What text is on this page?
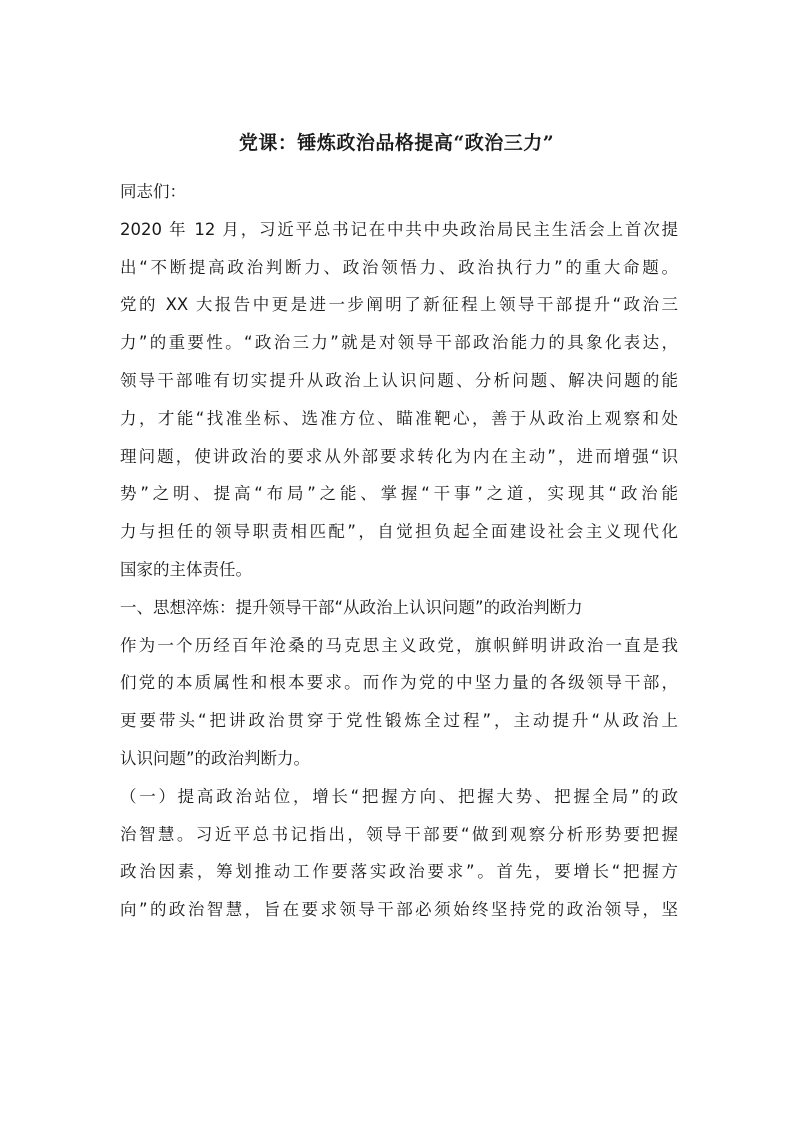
党课：锤炼政治品格提高“政治三力”

同志们：

2020 年 12 月，习近平总书记在中共中央政治局民主生活会上首次提
出“不断提高政治判断力、政治领悟力、政治执行力”的重大命题。
党的 XX 大报告中更是进一步阐明了新征程上领导干部提升“政治三
力”的重要性。“政治三力”就是对领导干部政治能力的具象化表达，
领导干部唯有切实提升从政治上认识问题、分析问题、解决问题的能
力，才能“找准坐标、选准方位、瞄准靶心，善于从政治上观察和处
理问题，使讲政治的要求从外部要求转化为内在主动”，进而增强“识
势”之明、提高“布局”之能、掌握“干事”之道，实现其“政治能
力与担任的领导职责相匹配”，自觉担负起全面建设社会主义现代化
国家的主体责任。

一、思想淬炼：提升领导干部“从政治上认识问题”的政治判断力

作为一个历经百年沧桑的马克思主义政党，旗帜鲜明讲政治一直是我
们党的本质属性和根本要求。而作为党的中坚力量的各级领导干部，
更要带头“把讲政治贯穿于党性锻炼全过程”，主动提升“从政治上
认识问题”的政治判断力。
（一）提高政治站位，增长“把握方向、把握大势、把握全局”的政
治智慧。习近平总书记指出，领导干部要“做到观察分析形势要把握
政治因素，筹划推动工作要落实政治要求”。首先，要增长“把握方
向”的政治智慧，旨在要求领导干部必须始终坚持党的政治领导，坚
